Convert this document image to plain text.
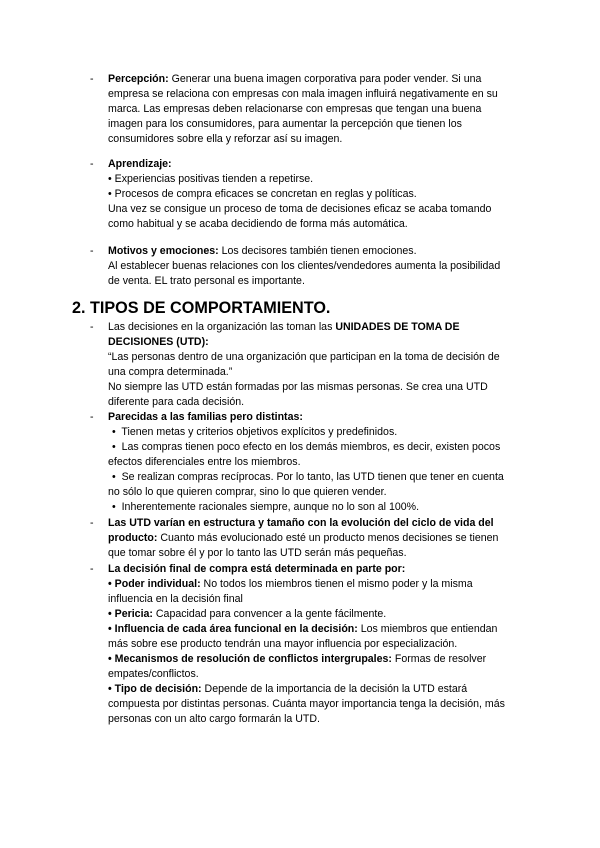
- Percepción: Generar una buena imagen corporativa para poder vender. Si una
empresa se relaciona con empresas con mala imagen influirá negativamente en su
marca. Las empresas deben relacionarse con empresas que tengan una buena
imagen para los consumidores, para aumentar la percepción que tienen los
consumidores sobre ella y reforzar así su imagen.
- Aprendizaje:
• Experiencias positivas tienden a repetirse.
• Procesos de compra eficaces se concretan en reglas y políticas.
Una vez se consigue un proceso de toma de decisiones eficaz se acaba tomando
como habitual y se acaba decidiendo de forma más automática.
- Motivos y emociones: Los decisores también tienen emociones.
Al establecer buenas relaciones con los clientes/vendedores aumenta la posibilidad
de venta. EL trato personal es importante.
2. TIPOS DE COMPORTAMIENTO.
- Las decisiones en la organización las toman las UNIDADES DE TOMA DE
DECISIONES (UTD):
“Las personas dentro de una organización que participan en la toma de decisión de
una compra determinada.”
No siempre las UTD están formadas por las mismas personas. Se crea una UTD
diferente para cada decisión.
- Parecidas a las familias pero distintas:
• Tienen metas y criterios objetivos explícitos y predefinidos.
• Las compras tienen poco efecto en los demás miembros, es decir, existen pocos
efectos diferenciales entre los miembros.
• Se realizan compras recíprocas. Por lo tanto, las UTD tienen que tener en cuenta
no sólo lo que quieren comprar, sino lo que quieren vender.
• Inherentemente racionales siempre, aunque no lo son al 100%.
- Las UTD varían en estructura y tamaño con la evolución del ciclo de vida del
producto: Cuanto más evolucionado esté un producto menos decisiones se tienen
que tomar sobre él y por lo tanto las UTD serán más pequeñas.
- La decisión final de compra está determinada en parte por:
• Poder individual: No todos los miembros tienen el mismo poder y la misma
influencia en la decisión final
• Pericia: Capacidad para convencer a la gente fácilmente.
• Influencia de cada área funcional en la decisión: Los miembros que entiendan
más sobre ese producto tendrán una mayor influencia por especialización.
• Mecanismos de resolución de conflictos intergrupales: Formas de resolver
empates/conflictos.
• Tipo de decisión: Depende de la importancia de la decisión la UTD estará
compuesta por distintas personas. Cuánta mayor importancia tenga la decisión, más
personas con un alto cargo formarán la UTD.
